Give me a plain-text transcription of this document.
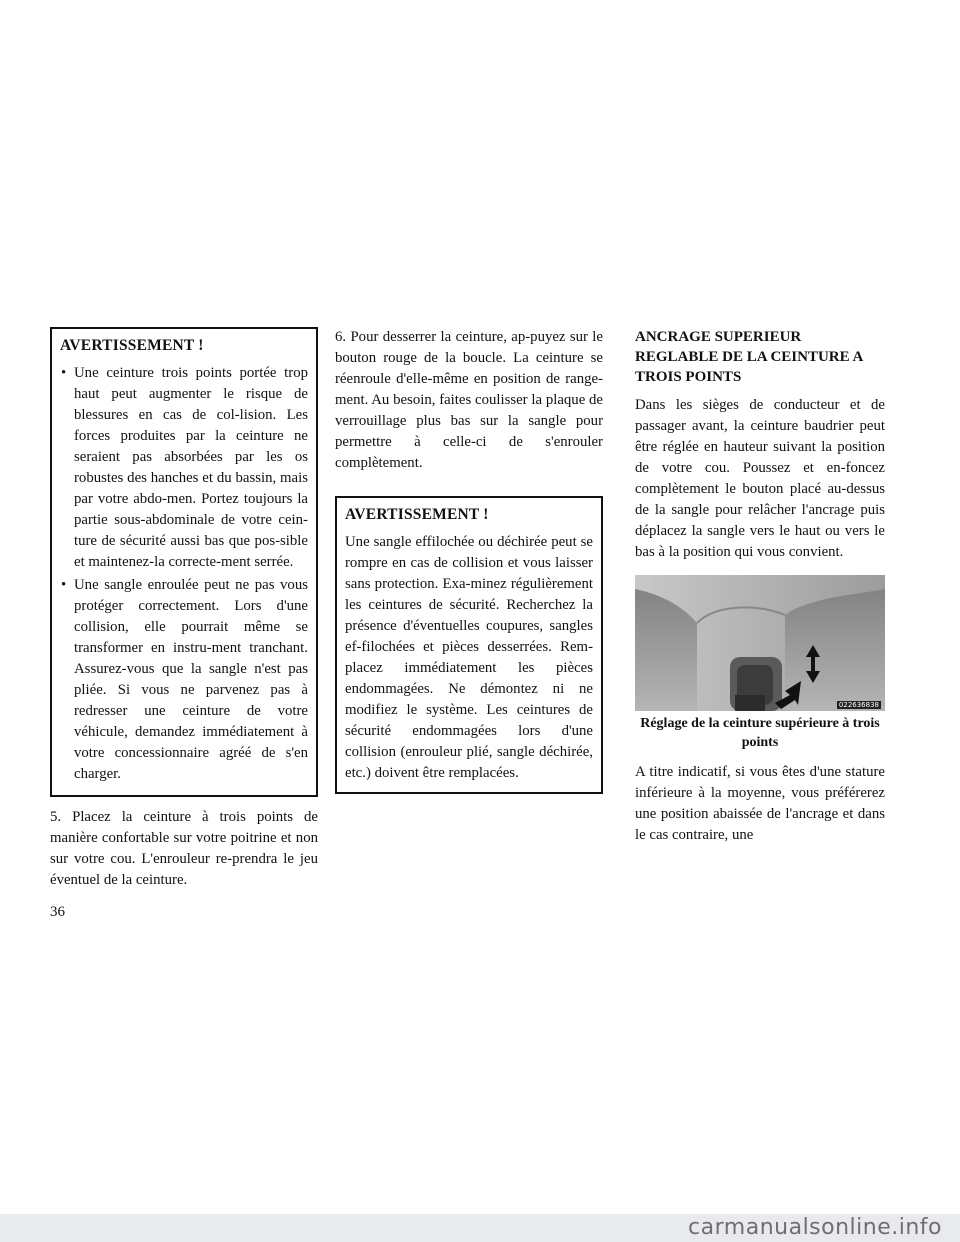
AVERTISSEMENT !
• Une ceinture trois points portée trop haut peut augmenter le risque de blessures en cas de col-lision. Les forces produites par la ceinture ne seraient pas absorbées par les os robustes des hanches et du bassin, mais par votre abdo-men. Portez toujours la partie sous-abdominale de votre cein-ture de sécurité aussi bas que pos-sible et maintenez-la correcte-ment serrée.
• Une sangle enroulée peut ne pas vous protéger correctement. Lors d'une collision, elle pourrait même se transformer en instru-ment tranchant. Assurez-vous que la sangle n'est pas pliée. Si vous ne parvenez pas à redresser une ceinture de votre véhicule, demandez immédiatement à votre concessionnaire agréé de s'en charger.

5. Placez la ceinture à trois points de manière confortable sur votre poitrine et non sur votre cou. L'enrouleur re-prendra le jeu éventuel de la ceinture.

6. Pour desserrer la ceinture, ap-puyez sur le bouton rouge de la boucle. La ceinture se réenroule d'elle-même en position de range-ment. Au besoin, faites coulisser la plaque de verrouillage plus bas sur la sangle pour permettre à celle-ci de s'enrouler complètement.

AVERTISSEMENT !

Une sangle effilochée ou déchirée peut se rompre en cas de collision et vous laisser sans protection. Exa-minez régulièrement les ceintures de sécurité. Recherchez la présence d'éventuelles coupures, sangles ef-filochées et pièces desserrées. Rem-placez immédiatement les pièces endommagées. Ne démontez ni ne modifiez le système. Les ceintures de sécurité endommagées lors d'une collision (enrouleur plié, sangle déchirée, etc.) doivent être remplacées.

ANCRAGE SUPERIEUR REGLABLE DE LA CEINTURE A TROIS POINTS

Dans les sièges de conducteur et de passager avant, la ceinture baudrier peut être réglée en hauteur suivant la position de votre cou. Poussez et en-foncez complètement le bouton placé au-dessus de la sangle pour relâcher l'ancrage puis déplacez la sangle vers le haut ou vers le bas à la position qui vous convient.

022636838
Réglage de la ceinture supérieure à trois points

A titre indicatif, si vous êtes d'une stature inférieure à la moyenne, vous préférerez une position abaissée de l'ancrage et dans le cas contraire, une

36
carmanualsonline.info
